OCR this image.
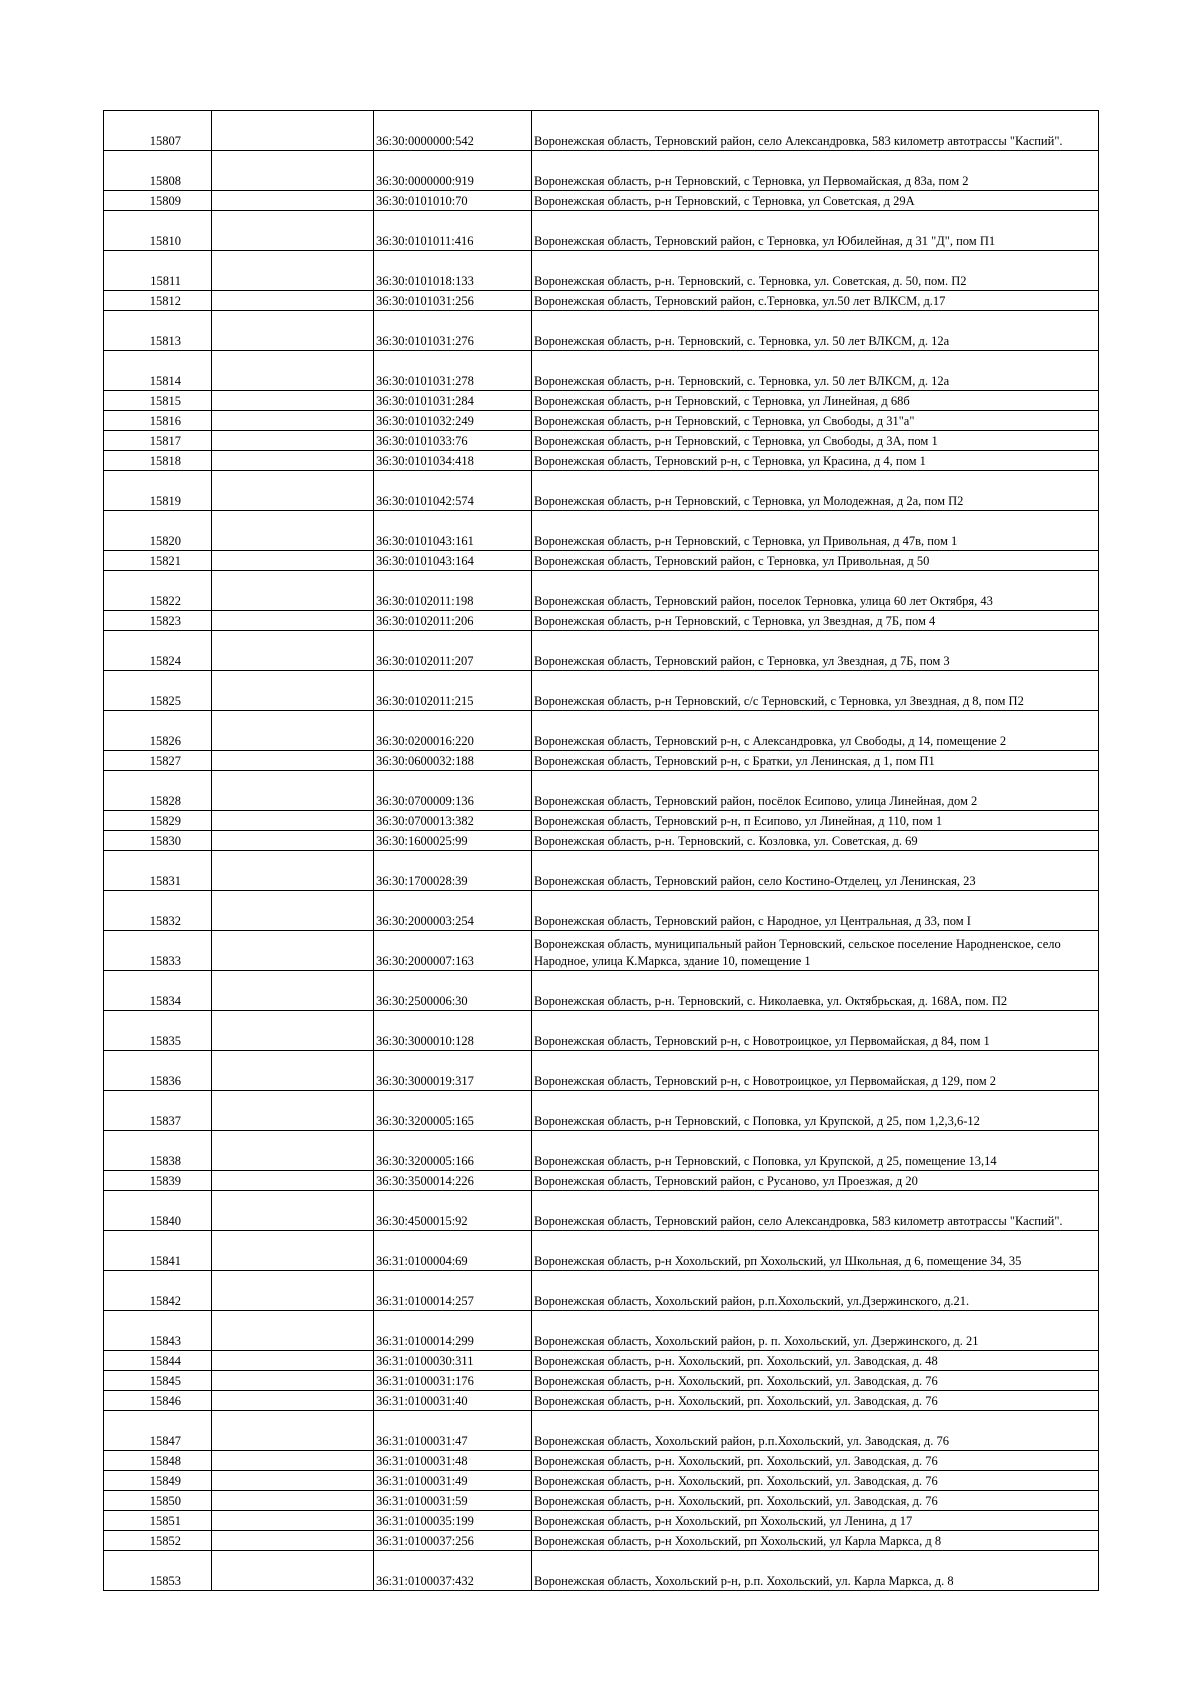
15807		36:30:0000000:542	Воронежская область, Терновский район, село Александровка, 583 километр автотрассы "Каспий".
15808		36:30:0000000:919	Воронежская область, р-н Терновский, с Терновка, ул Первомайская, д 83а, пом 2
15809		36:30:0101010:70	Воронежская область, р-н Терновский, с Терновка, ул Советская, д 29А
15810		36:30:0101011:416	Воронежская область, Терновский район, с Терновка, ул Юбилейная, д 31 "Д", пом П1
15811		36:30:0101018:133	Воронежская область, р-н. Терновский, с. Терновка, ул. Советская, д. 50, пом. П2
15812		36:30:0101031:256	Воронежская область, Терновский район, с.Терновка, ул.50 лет ВЛКСМ, д.17
15813		36:30:0101031:276	Воронежская область, р-н. Терновский, с. Терновка, ул. 50 лет ВЛКСМ, д. 12а
15814		36:30:0101031:278	Воронежская область, р-н. Терновский, с. Терновка, ул. 50 лет ВЛКСМ, д. 12а
15815		36:30:0101031:284	Воронежская область, р-н Терновский, с Терновка, ул Линейная, д 68б
15816		36:30:0101032:249	Воронежская область, р-н Терновский, с Терновка, ул Свободы, д 31"а"
15817		36:30:0101033:76	Воронежская область, р-н Терновский, с Терновка, ул Свободы, д 3А, пом 1
15818		36:30:0101034:418	Воронежская область, Терновский р-н, с Терновка, ул Красина, д 4, пом 1
15819		36:30:0101042:574	Воронежская область, р-н Терновский, с Терновка, ул Молодежная, д 2а, пом П2
15820		36:30:0101043:161	Воронежская область, р-н Терновский, с Терновка, ул Привольная, д 47в, пом 1
15821		36:30:0101043:164	Воронежская область, Терновский район, с Терновка, ул Привольная, д 50
15822		36:30:0102011:198	Воронежская область, Терновский район, поселок Терновка, улица 60 лет Октября, 43
15823		36:30:0102011:206	Воронежская область, р-н Терновский, с Терновка, ул Звездная, д 7Б, пом 4
15824		36:30:0102011:207	Воронежская область, Терновский район, с Терновка, ул Звездная, д 7Б, пом 3
15825		36:30:0102011:215	Воронежская область, р-н Терновский, с/с Терновский, с Терновка, ул Звездная, д 8, пом П2
15826		36:30:0200016:220	Воронежская область, Терновский р-н, с Александровка, ул Свободы, д 14, помещение 2
15827		36:30:0600032:188	Воронежская область, Терновский р-н, с Братки, ул Ленинская, д 1, пом П1
15828		36:30:0700009:136	Воронежская область, Терновский район, посёлок Есипово, улица Линейная, дом 2
15829		36:30:0700013:382	Воронежская область, Терновский р-н, п Есипово, ул Линейная, д 110, пом 1
15830		36:30:1600025:99	Воронежская область, р-н. Терновский, с. Козловка, ул. Советская, д. 69
15831		36:30:1700028:39	Воронежская область, Терновский район, село Костино-Отделец, ул Ленинская, 23
15832		36:30:2000003:254	Воронежская область, Терновский район, с Народное, ул Центральная, д 33, пом I
15833		36:30:2000007:163	Воронежская область, муниципальный район Терновский, сельское поселение Народненское, село Народное, улица К.Маркса, здание 10, помещение 1
15834		36:30:2500006:30	Воронежская область, р-н. Терновский, с. Николаевка, ул. Октябрьская, д. 168А, пом. П2
15835		36:30:3000010:128	Воронежская область, Терновский р-н, с Новотроицкое, ул Первомайская, д 84, пом 1
15836		36:30:3000019:317	Воронежская область, Терновский р-н, с Новотроицкое, ул Первомайская, д 129, пом 2
15837		36:30:3200005:165	Воронежская область, р-н Терновский, с Поповка, ул Крупской, д 25, пом 1,2,3,6-12
15838		36:30:3200005:166	Воронежская область, р-н Терновский, с Поповка, ул Крупской, д 25, помещение 13,14
15839		36:30:3500014:226	Воронежская область, Терновский район, с Русаново, ул Проезжая, д 20
15840		36:30:4500015:92	Воронежская область, Терновский район, село Александровка, 583 километр автотрассы "Каспий".
15841		36:31:0100004:69	Воронежская область, р-н Хохольский, рп Хохольский, ул Школьная, д 6, помещение 34, 35
15842		36:31:0100014:257	Воронежская область, Хохольский район, р.п.Хохольский, ул.Дзержинского, д.21.
15843		36:31:0100014:299	Воронежская область, Хохольский район, р. п. Хохольский, ул. Дзержинского, д. 21
15844		36:31:0100030:311	Воронежская область, р-н. Хохольский, рп. Хохольский, ул. Заводская, д. 48
15845		36:31:0100031:176	Воронежская область, р-н. Хохольский, рп. Хохольский, ул. Заводская, д. 76
15846		36:31:0100031:40	Воронежская область, р-н. Хохольский, рп. Хохольский, ул. Заводская, д. 76
15847		36:31:0100031:47	Воронежская область, Хохольский район, р.п.Хохольский, ул. Заводская, д. 76
15848		36:31:0100031:48	Воронежская область, р-н. Хохольский, рп. Хохольский, ул. Заводская, д. 76
15849		36:31:0100031:49	Воронежская область, р-н. Хохольский, рп. Хохольский, ул. Заводская, д. 76
15850		36:31:0100031:59	Воронежская область, р-н. Хохольский, рп. Хохольский, ул. Заводская, д. 76
15851		36:31:0100035:199	Воронежская область, р-н Хохольский, рп Хохольский, ул Ленина, д 17
15852		36:31:0100037:256	Воронежская область, р-н Хохольский, рп Хохольский, ул Карла Маркса, д 8
15853		36:31:0100037:432	Воронежская область, Хохольский р-н, р.п. Хохольский, ул. Карла Маркса, д. 8
